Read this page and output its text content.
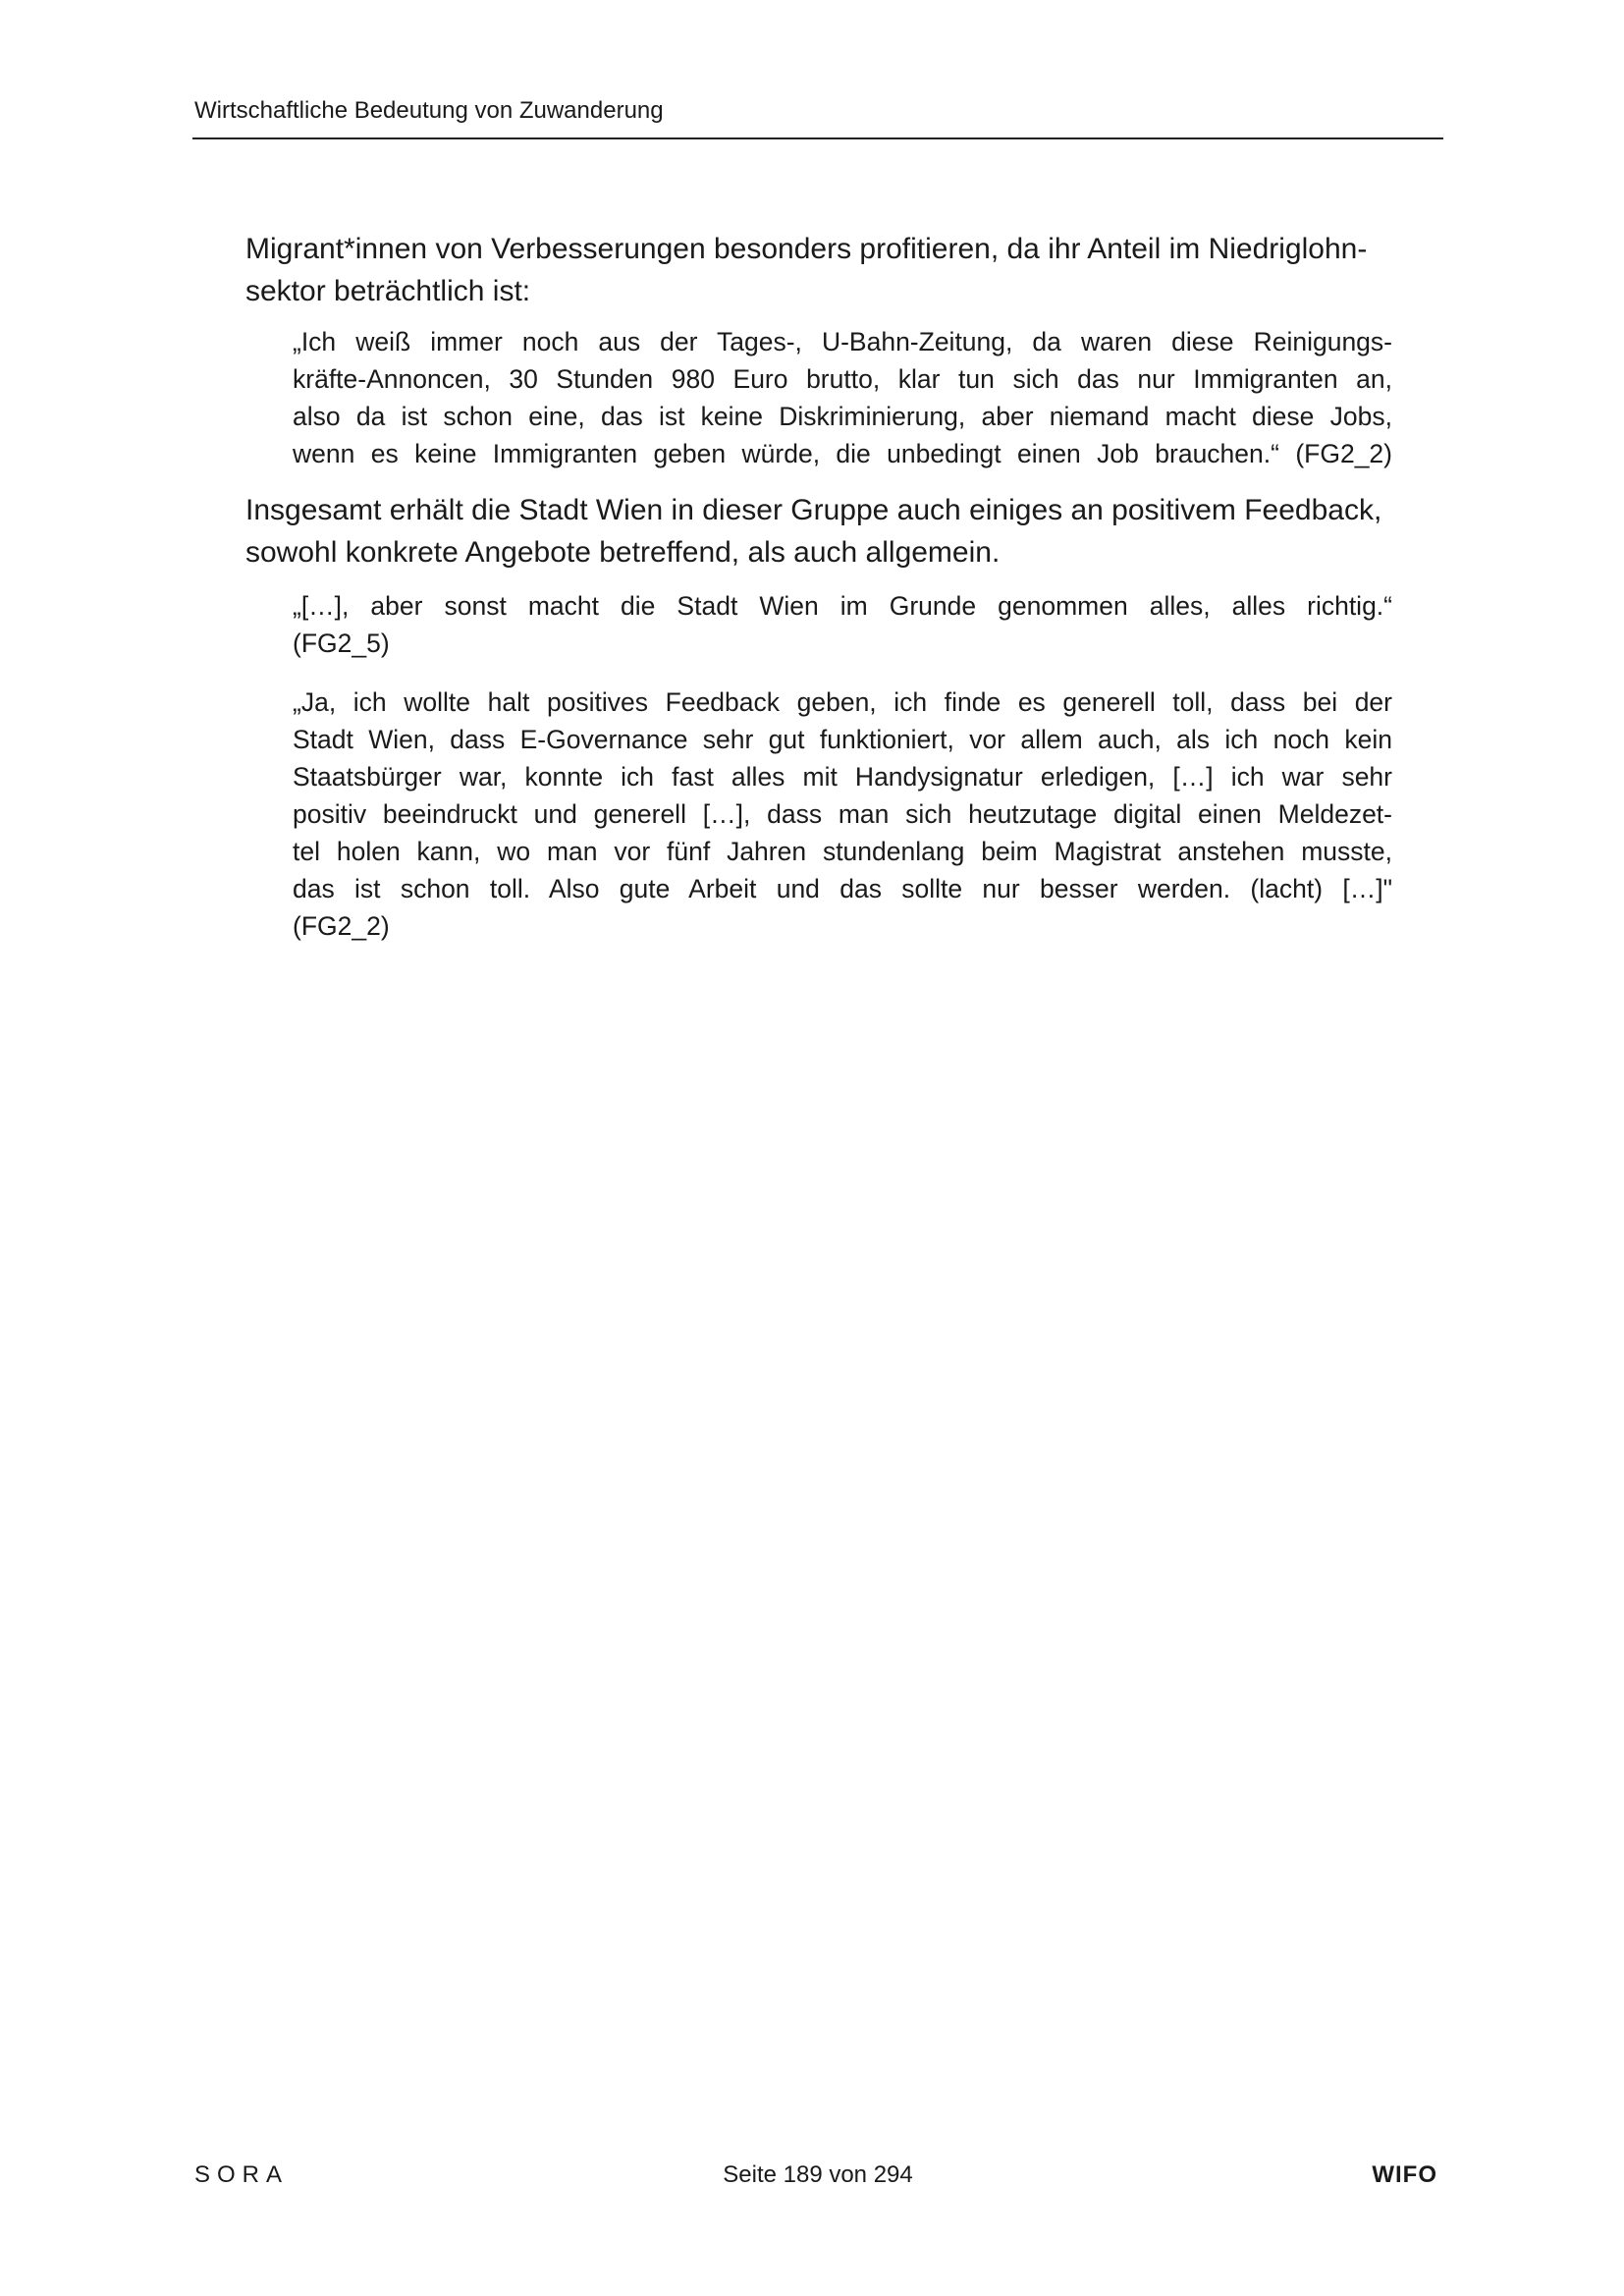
Wirtschaftliche Bedeutung von Zuwanderung

Migrant*innen von Verbesserungen besonders profitieren, da ihr Anteil im Niedriglohn-
sektor beträchtlich ist:

„Ich weiß immer noch aus der Tages-, U-Bahn-Zeitung, da waren diese Reinigungs-
kräfte-Annoncen, 30 Stunden 980 Euro brutto, klar tun sich das nur Immigranten an,
also da ist schon eine, das ist keine Diskriminierung, aber niemand macht diese Jobs,
wenn es keine Immigranten geben würde, die unbedingt einen Job brauchen.“ (FG2_2)

Insgesamt erhält die Stadt Wien in dieser Gruppe auch einiges an positivem Feedback,
sowohl konkrete Angebote betreffend, als auch allgemein.

„[…], aber sonst macht die Stadt Wien im Grunde genommen alles, alles richtig.“
(FG2_5)
„Ja, ich wollte halt positives Feedback geben, ich finde es generell toll, dass bei der
Stadt Wien, dass E-Governance sehr gut funktioniert, vor allem auch, als ich noch kein
Staatsbürger war, konnte ich fast alles mit Handysignatur erledigen, […] ich war sehr
positiv beeindruckt und generell […], dass man sich heutzutage digital einen Meldezet-
tel holen kann, wo man vor fünf Jahren stundenlang beim Magistrat anstehen musste,
das ist schon toll. Also gute Arbeit und das sollte nur besser werden. (lacht) […]"
(FG2_2)
SORA	Seite 189 von 294	WIFO
